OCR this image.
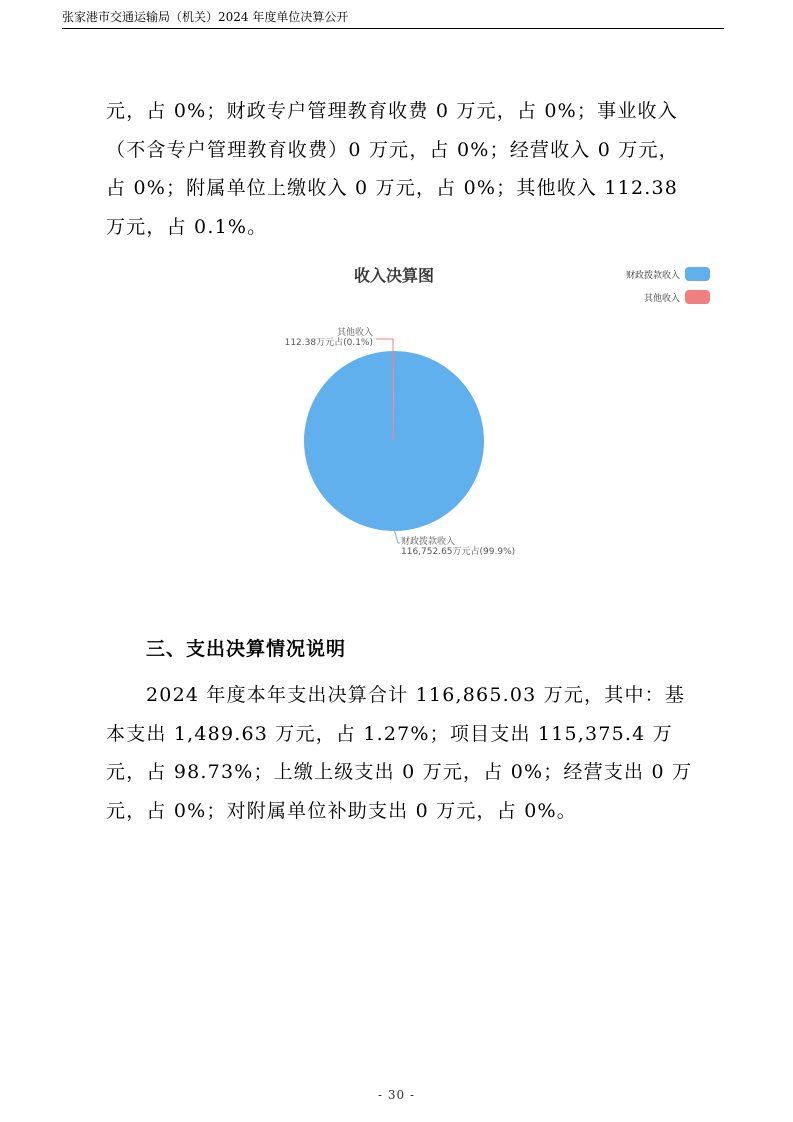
张家港市交通运输局（机关）2024 年度单位决算公开

元，占 0%；财政专户管理教育收费 0 万元，占 0%；事业收入（不含专户管理教育收费）0 万元，占 0%；经营收入 0 万元，占 0%；附属单位上缴收入 0 万元，占 0%；其他收入 112.38 万元，占 0.1%。

收入决算图	财政拨款收入
其他收入
其他收入
112.38万元占(0.1%)
财政拨款收入
116,752.65万元占(99.9%)
三、支出决算情况说明

2024 年度本年支出决算合计 116,865.03 万元，其中：基本支出 1,489.63 万元，占 1.27%；项目支出 115,375.4 万元，占 98.73%；上缴上级支出 0 万元，占 0%；经营支出 0 万元，占 0%；对附属单位补助支出 0 万元，占 0%。

- 30 -
